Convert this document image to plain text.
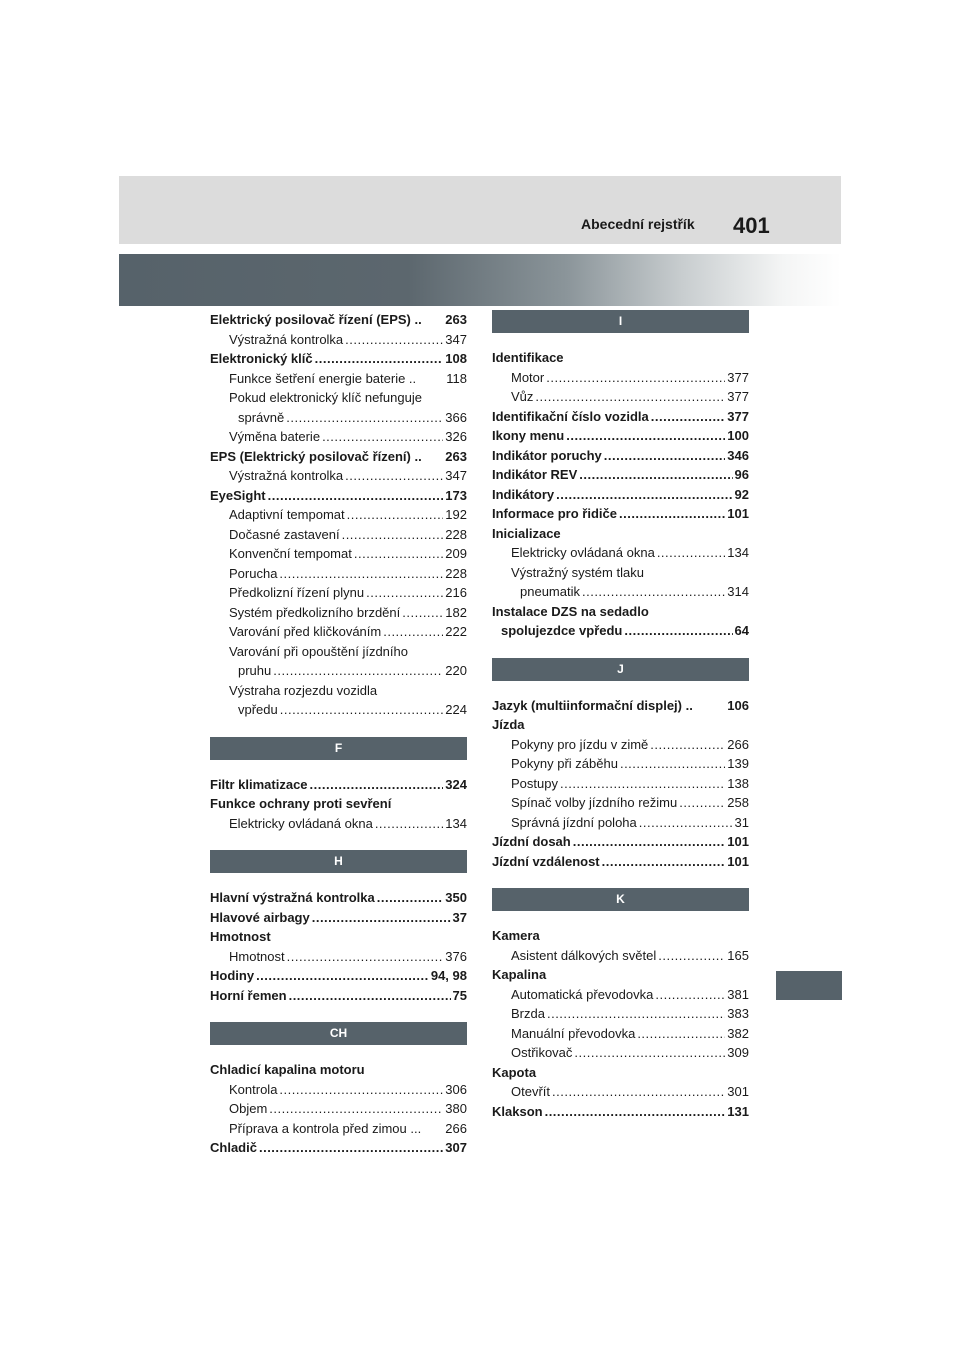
Abecední rejstřík 401
Elektrický posilovač řízení (EPS) .. 263
Výstražná kontrolka .....	347
Elektronický klíč .....	108
Funkce šetření energie baterie .. 118
Pokud elektronický klíč nefunguje
správně .....	366
Výměna baterie .....	326
EPS (Elektrický posilovač řízení) .. 263
Výstražná kontrolka .....	347
EyeSight .....	173
Adaptivní tempomat .....	192
Dočasné zastavení .....	228
Konvenční tempomat .....	209
Porucha .....	228
Předkolizní řízení plynu .....	216
Systém předkolizního brzdění .....	182
Varování před kličkováním .....	222
Varování při opouštění jízdního
pruhu .....	220
Výstraha rozjezdu vozidla
vpředu .....	224
F
Filtr klimatizace .....	324
Funkce ochrany proti sevření
Elektricky ovládaná okna .....	134
H
Hlavní výstražná kontrolka .....	350
Hlavové airbagy .....	37
Hmotnost
Hmotnost .....	376
Hodiny .....	94, 98
Horní řemen .....	75
CH
Chladicí kapalina motoru
Kontrola .....	306
Objem .....	380
Příprava a kontrola před zimou ... 266
Chladič .....	307
I
Identifikace
Motor .....	377
Vůz .....	377
Identifikační číslo vozidla .....	377
Ikony menu .....	100
Indikátor poruchy .....	346
Indikátor REV .....	96
Indikátory .....	92
Informace pro řidiče .....	101
Inicializace
Elektricky ovládaná okna .....	134
Výstražný systém tlaku
pneumatik .....	314
Instalace DZS na sedadlo
spolujezdce vpředu .....	64
J
Jazyk (multiinformační displej) ..	106
Jízda
Pokyny pro jízdu v zimě .....	266
Pokyny při záběhu .....	139
Postupy .....	138
Spínač volby jízdního režimu .....	258
Správná jízdní poloha .....	31
Jízdní dosah .....	101
Jízdní vzdálenost .....	101
K
Kamera
Asistent dálkových světel .....	165
Kapalina
Automatická převodovka .....	381
Brzda .....	383
Manuální převodovka .....	382
Ostřikovač .....	309
Kapota
Otevřít .....	301
Klakson .....	131
